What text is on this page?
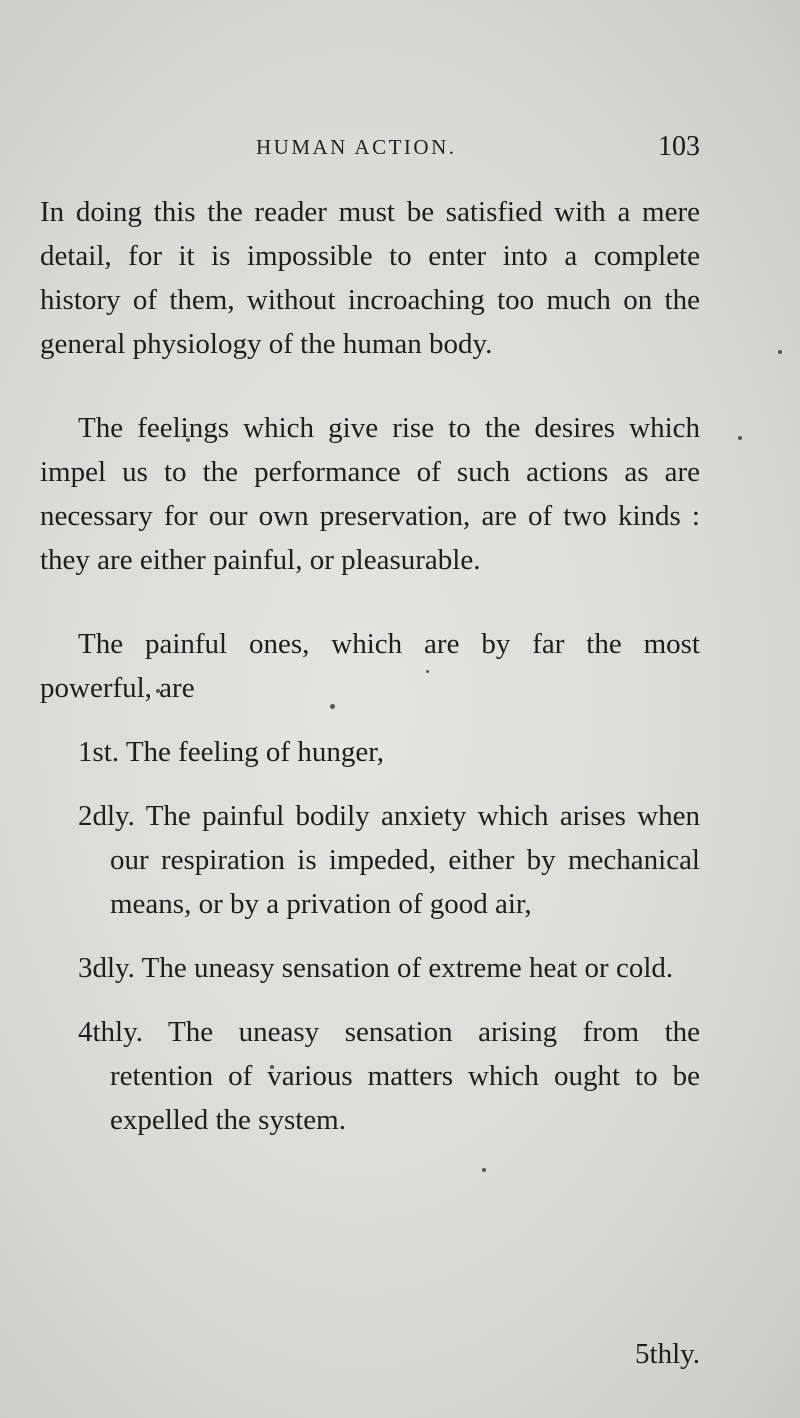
HUMAN ACTION.	103

In doing this the reader must be satisfied with a mere detail, for it is impossible to enter into a complete history of them, without incroaching too much on the general physiology of the human body.

The feelings which give rise to the desires which impel us to the performance of such actions as are necessary for our own preservation, are of two kinds : they are either painful, or pleasurable.

The painful ones, which are by far the most powerful, are

1st. The feeling of hunger,

2dly. The painful bodily anxiety which arises when our respiration is impeded, either by mechanical means, or by a privation of good air,

3dly. The uneasy sensation of extreme heat or cold.

4thly. The uneasy sensation arising from the retention of various matters which ought to be expelled the system.

5thly.
